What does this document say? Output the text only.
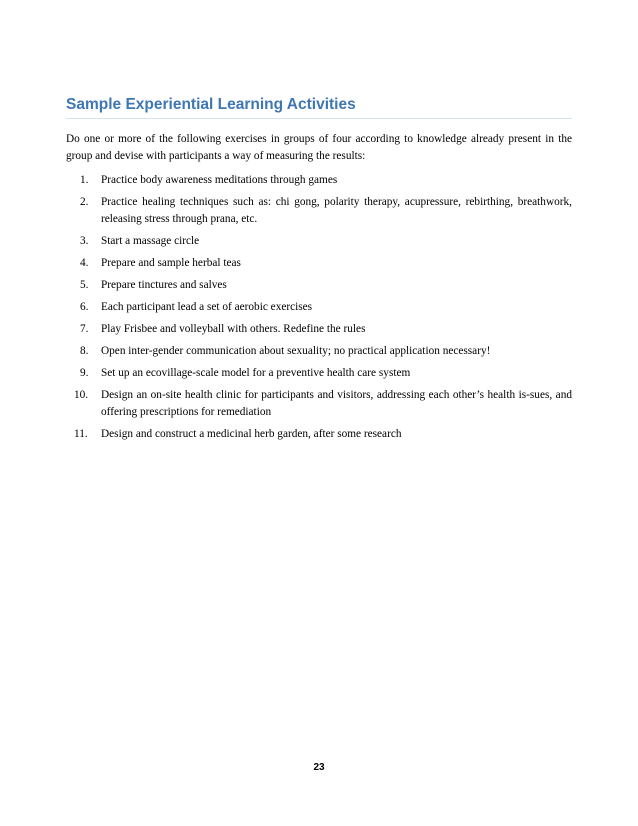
Sample Experiential Learning Activities
Do one or more of the following exercises in groups of four according to knowledge already present in the group and devise with participants a way of measuring the results:
1. Practice body awareness meditations through games
2. Practice healing techniques such as: chi gong, polarity therapy, acupressure, rebirthing, breathwork, releasing stress through prana, etc.
3. Start a massage circle
4. Prepare and sample herbal teas
5. Prepare tinctures and salves
6. Each participant lead a set of aerobic exercises
7. Play Frisbee and volleyball with others. Redefine the rules
8. Open inter-gender communication about sexuality; no practical application necessary!
9. Set up an ecovillage-scale model for a preventive health care system
10. Design an on-site health clinic for participants and visitors, addressing each other’s health is-sues, and offering prescriptions for remediation
11. Design and construct a medicinal herb garden, after some research
23
